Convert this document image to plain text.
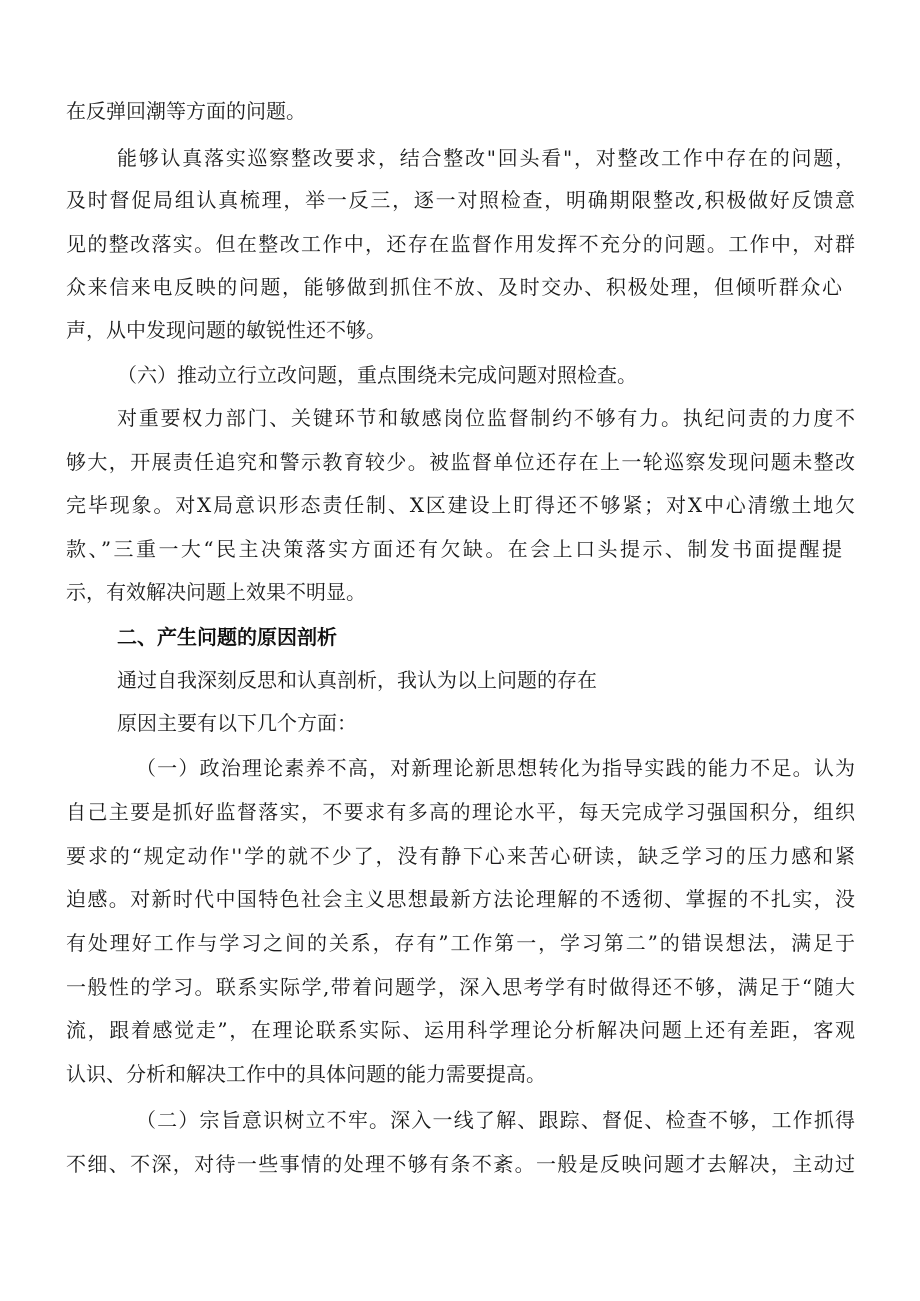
在反弹回潮等方面的问题。
能够认真落实巡察整改要求，结合整改"回头看"，对整改工作中存在的问题，
及时督促局组认真梳理，举一反三，逐一对照检查，明确期限整改,积极做好反馈意
见的整改落实。但在整改工作中，还存在监督作用发挥不充分的问题。工作中，对群
众来信来电反映的问题，能够做到抓住不放、及时交办、积极处理，但倾听群众心
声，从中发现问题的敏锐性还不够。
（六）推动立行立改问题，重点围绕未完成问题对照检查。
对重要权力部门、关键环节和敏感岗位监督制约不够有力。执纪问责的力度不
够大，开展责任追究和警示教育较少。被监督单位还存在上一轮巡察发现问题未整改
完毕现象。对X局意识形态责任制、X区建设上盯得还不够紧；对X中心清缴土地欠
款、”三重一大“民主决策落实方面还有欠缺。在会上口头提示、制发书面提醒提
示，有效解决问题上效果不明显。
二、产生问题的原因剖析
通过自我深刻反思和认真剖析，我认为以上问题的存在
原因主要有以下几个方面：
（一）政治理论素养不高，对新理论新思想转化为指导实践的能力不足。认为
自己主要是抓好监督落实，不要求有多高的理论水平，每天完成学习强国积分，组织
要求的“规定动作''学的就不少了，没有静下心来苦心研读，缺乏学习的压力感和紧
迫感。对新时代中国特色社会主义思想最新方法论理解的不透彻、掌握的不扎实，没
有处理好工作与学习之间的关系，存有”工作第一，学习第二”的错误想法，满足于
一般性的学习。联系实际学,带着问题学，深入思考学有时做得还不够，满足于“随大
流，跟着感觉走”，在理论联系实际、运用科学理论分析解决问题上还有差距，客观
认识、分析和解决工作中的具体问题的能力需要提高。
（二）宗旨意识树立不牢。深入一线了解、跟踪、督促、检查不够，工作抓得
不细、不深，对待一些事情的处理不够有条不紊。一般是反映问题才去解决，主动过
